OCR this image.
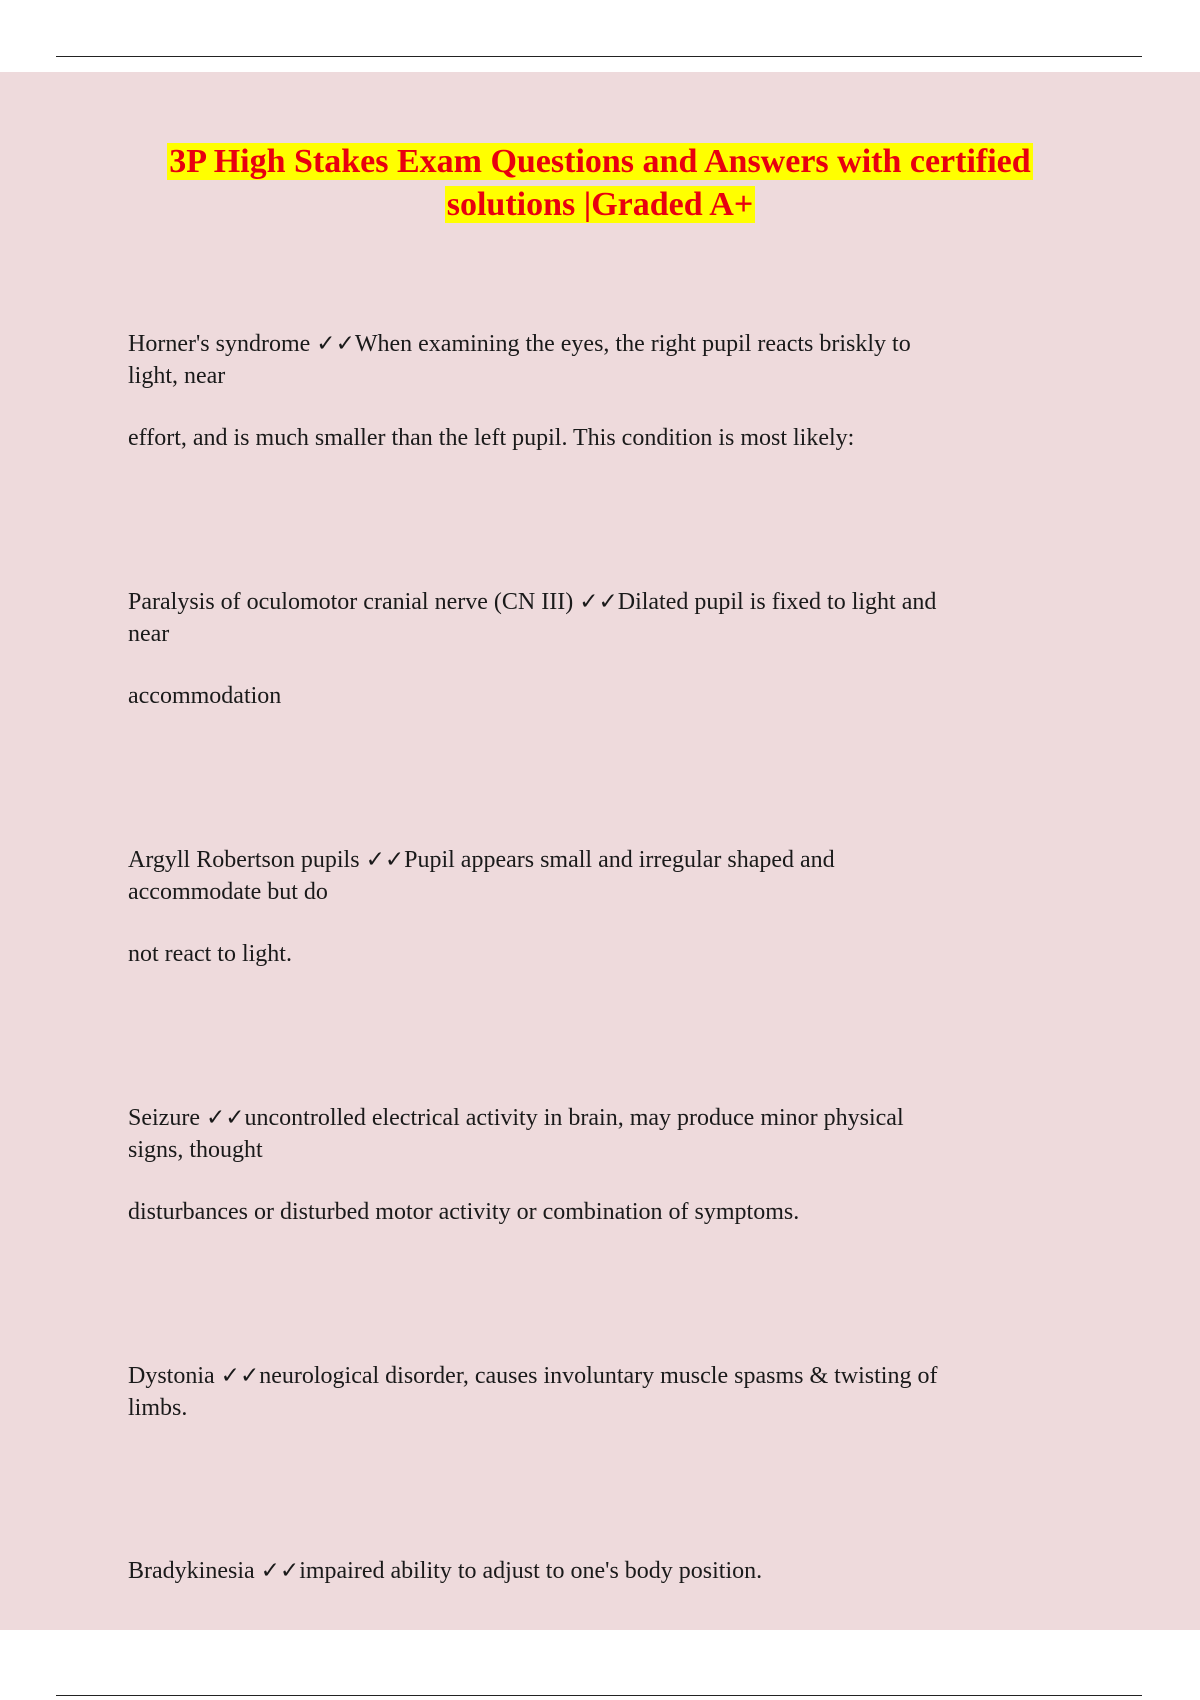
3P High Stakes Exam Questions and Answers with certified
solutions |Graded A+

Horner's syndrome ✓✓When examining the eyes, the right pupil reacts briskly to
light, near

effort, and is much smaller than the left pupil. This condition is most likely:

Paralysis of oculomotor cranial nerve (CN III) ✓✓Dilated pupil is fixed to light and
near

accommodation

Argyll Robertson pupils ✓✓Pupil appears small and irregular shaped and
accommodate but do

not react to light.

Seizure ✓✓uncontrolled electrical activity in brain, may produce minor physical
signs, thought

disturbances or disturbed motor activity or combination of symptoms.

Dystonia ✓✓neurological disorder, causes involuntary muscle spasms & twisting of
limbs.

Bradykinesia ✓✓impaired ability to adjust to one's body position.
